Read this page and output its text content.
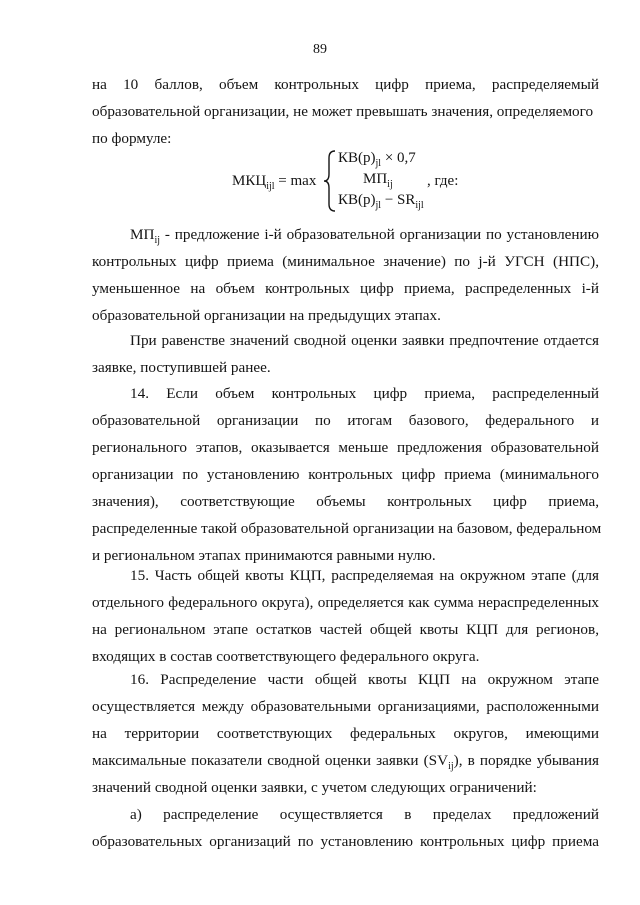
89
на 10 баллов, объем контрольных цифр приема, распределяемый
образовательной организации, не может превышать значения, определяемого
по формуле:
$МКЦ_{ijl} = \max$
$КВ(р)_{jl} \times 0,7$
$МП_{ij}$
$КВ(р)_{jl} - SR_{ijl}$
, где:
$МП_{ij}$ - предложение i-й образовательной организации по установлению
контрольных цифр приема (минимальное значение) по j-й УГСН (НПС),
уменьшенное на объем контрольных цифр приема, распределенных i-й
образовательной организации на предыдущих этапах.
При равенстве значений сводной оценки заявки предпочтение отдается
заявке, поступившей ранее.
14. Если объем контрольных цифр приема, распределенный
образовательной организации по итогам базового, федерального и
регионального этапов, оказывается меньше предложения образовательной
организации по установлению контрольных цифр приема (минимального
значения), соответствующие объемы контрольных цифр приема,
распределенные такой образовательной организации на базовом, федеральном
и региональном этапах принимаются равными нулю.
15. Часть общей квоты КЦП, распределяемая на окружном этапе (для
отдельного федерального округа), определяется как сумма нераспределенных
на региональном этапе остатков частей общей квоты КЦП для регионов,
входящих в состав соответствующего федерального округа.
16. Распределение части общей квоты КЦП на окружном этапе
осуществляется между образовательными организациями, расположенными
на территории соответствующих федеральных округов, имеющими
максимальные показатели сводной оценки заявки $(SV_{ij})$, в порядке убывания
значений сводной оценки заявки, с учетом следующих ограничений:
а) распределение осуществляется в пределах предложений
образовательных организаций по установлению контрольных цифр приема
